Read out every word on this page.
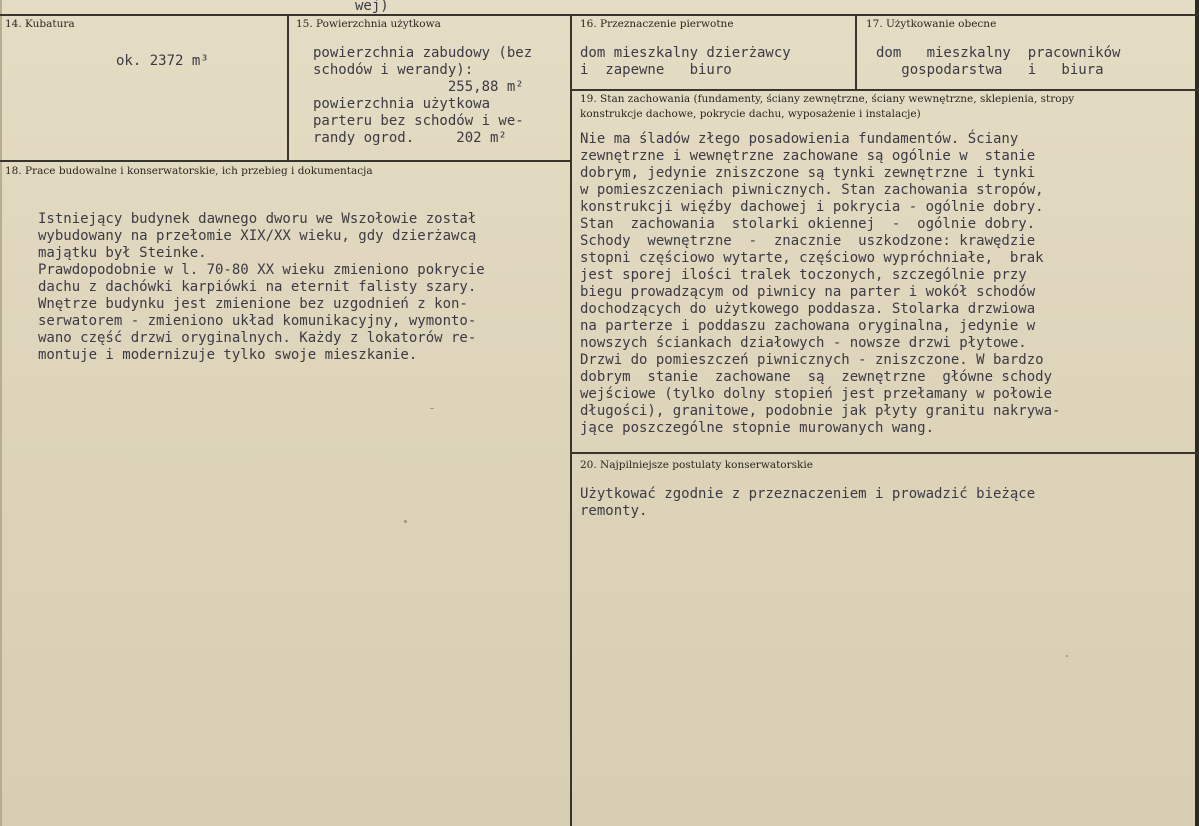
wej)
14. Kubatura
ok. 2372 m³
15. Powierzchnia użytkowa
powierzchnia zabudowy (bez
schodów i werandy):
255,88 m²
powierzchnia użytkowa
parteru bez schodów i we-
randy ogrod.     202 m²
16. Przeznaczenie pierwotne
dom mieszkalny dzierżawcy
i  zapewne   biuro
17. Użytkowanie obecne
dom   mieszkalny  pracowników
gospodarstwa   i   biura
19. Stan zachowania (fundamenty, ściany zewnętrzne, ściany wewnętrzne, sklepienia, stropy
konstrukcje dachowe, pokrycie dachu, wyposażenie i instalacje)
Nie ma śladów złego posadowienia fundamentów. Ściany
zewnętrzne i wewnętrzne zachowane są ogólnie w  stanie
dobrym, jedynie zniszczone są tynki zewnętrzne i tynki
w pomieszczeniach piwnicznych. Stan zachowania stropów,
konstrukcji więźby dachowej i pokrycia - ogólnie dobry.
Stan  zachowania  stolarki okiennej  -  ogólnie dobry.
Schody  wewnętrzne  -  znacznie  uszkodzone: krawędzie
stopni częściowo wytarte, częściowo wypróchniałe,  brak
jest sporej ilości tralek toczonych, szczególnie przy
biegu prowadzącym od piwnicy na parter i wokół schodów
dochodzących do użytkowego poddasza. Stolarka drzwiowa
na parterze i poddaszu zachowana oryginalna, jedynie w
nowszych ściankach działowych - nowsze drzwi płytowe.
Drzwi do pomieszczeń piwnicznych - zniszczone. W bardzo
dobrym  stanie  zachowane  są  zewnętrzne  główne schody
wejściowe (tylko dolny stopień jest przełamany w połowie
długości), granitowe, podobnie jak płyty granitu nakrywa-
jące poszczególne stopnie murowanych wang.
18. Prace budowalne i konserwatorskie, ich przebieg i dokumentacja
Istniejący budynek dawnego dworu we Wszołowie został
wybudowany na przełomie XIX/XX wieku, gdy dzierżawcą
majątku był Steinke.
Prawdopodobnie w l. 70-80 XX wieku zmieniono pokrycie
dachu z dachówki karpiówki na eternit falisty szary.
Wnętrze budynku jest zmienione bez uzgodnień z kon-
serwatorem - zmieniono układ komunikacyjny, wymonto-
wano część drzwi oryginalnych. Każdy z lokatorów re-
montuje i modernizuje tylko swoje mieszkanie.
20. Najpilniejsze postulaty konserwatorskie
Użytkować zgodnie z przeznaczeniem i prowadzić bieżące
remonty.
